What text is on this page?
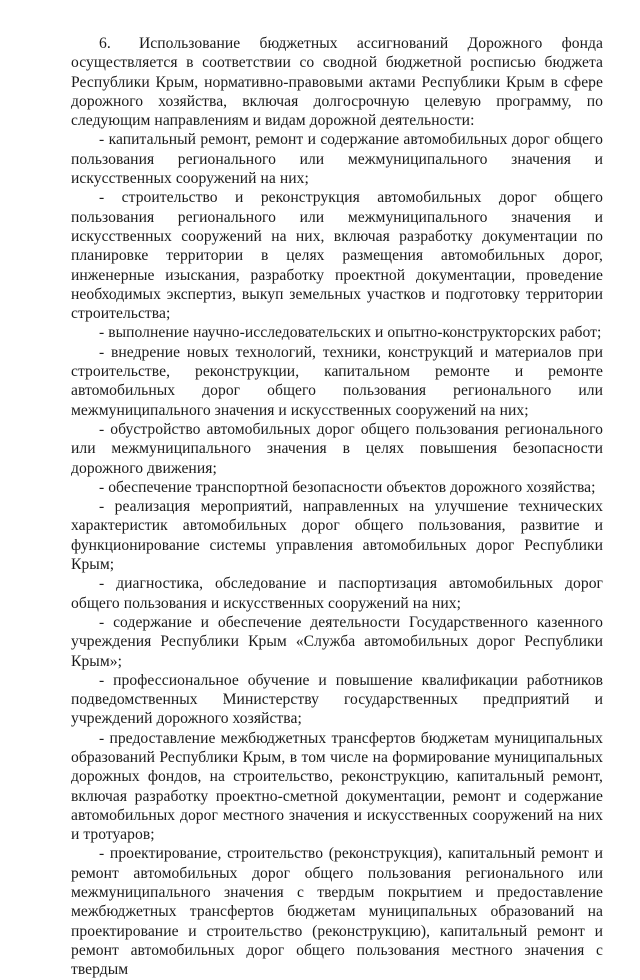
6. Использование бюджетных ассигнований Дорожного фонда осуществляется в соответствии со сводной бюджетной росписью бюджета Республики Крым, нормативно-правовыми актами Республики Крым в сфере дорожного хозяйства, включая долгосрочную целевую программу, по следующим направлениям и видам дорожной деятельности:

- капитальный ремонт, ремонт и содержание автомобильных дорог общего пользования регионального или межмуниципального значения и искусственных сооружений на них;

- строительство и реконструкция автомобильных дорог общего пользования регионального или межмуниципального значения и искусственных сооружений на них, включая разработку документации по планировке территории в целях размещения автомобильных дорог, инженерные изыскания, разработку проектной документации, проведение необходимых экспертиз, выкуп земельных участков и подготовку территории строительства;

- выполнение научно-исследовательских и опытно-конструкторских работ;

- внедрение новых технологий, техники, конструкций и материалов при строительстве, реконструкции, капитальном ремонте и ремонте автомобильных дорог общего пользования регионального или межмуниципального значения и искусственных сооружений на них;

- обустройство автомобильных дорог общего пользования регионального или межмуниципального значения в целях повышения безопасности дорожного движения;

- обеспечение транспортной безопасности объектов дорожного хозяйства;

- реализация мероприятий, направленных на улучшение технических характеристик автомобильных дорог общего пользования, развитие и функционирование системы управления автомобильных дорог Республики Крым;

- диагностика, обследование и паспортизация автомобильных дорог общего пользования и искусственных сооружений на них;

- содержание и обеспечение деятельности Государственного казенного учреждения Республики Крым «Служба автомобильных дорог Республики Крым»;

- профессиональное обучение и повышение квалификации работников подведомственных Министерству государственных предприятий и учреждений дорожного хозяйства;

- предоставление межбюджетных трансфертов бюджетам муниципальных образований Республики Крым, в том числе на формирование муниципальных дорожных фондов, на строительство, реконструкцию, капитальный ремонт, включая разработку проектно-сметной документации, ремонт и содержание автомобильных дорог местного значения и искусственных сооружений на них и тротуаров;

- проектирование, строительство (реконструкция), капитальный ремонт и ремонт автомобильных дорог общего пользования регионального или межмуниципального значения с твердым покрытием и предоставление межбюджетных трансфертов бюджетам муниципальных образований на проектирование и строительство (реконструкцию), капитальный ремонт и ремонт автомобильных дорог общего пользования местного значения с твердым
